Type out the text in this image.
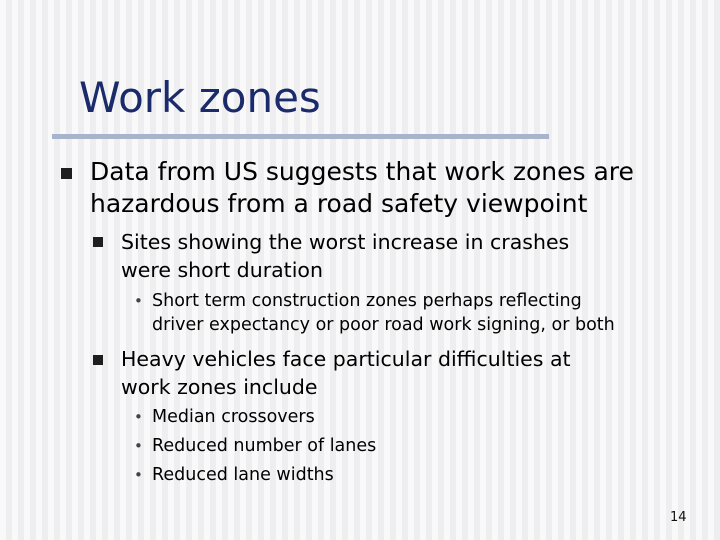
Work zones
Data from US suggests that work zones are
hazardous from a road safety viewpoint
Sites showing the worst increase in crashes
were short duration
• Short term construction zones perhaps reflecting
driver expectancy or poor road work signing, or both
Heavy vehicles face particular difficulties at
work zones include
• Median crossovers
• Reduced number of lanes
• Reduced lane widths
14
